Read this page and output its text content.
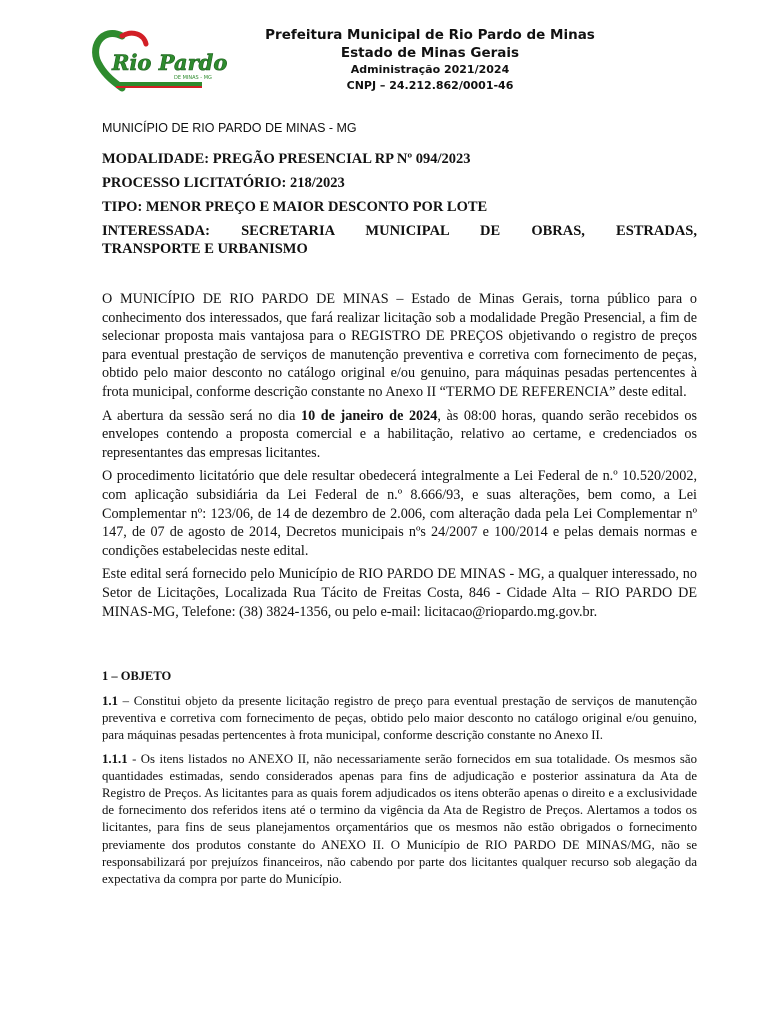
Rio Pardo
DE MINAS - MG
Prefeitura Municipal de Rio Pardo de Minas
Estado de Minas Gerais
Administração 2021/2024
CNPJ – 24.212.862/0001-46
MUNICÍPIO DE RIO PARDO DE MINAS - MG
MODALIDADE: PREGÃO PRESENCIAL RP Nº 094/2023
PROCESSO LICITATÓRIO: 218/2023
TIPO: MENOR PREÇO E MAIOR DESCONTO POR LOTE
INTERESSADA: SECRETARIA MUNICIPAL DE OBRAS, ESTRADAS,
TRANSPORTE E URBANISMO

O MUNICÍPIO DE RIO PARDO DE MINAS – Estado de Minas Gerais, torna público para o conhecimento dos interessados, que fará realizar licitação sob a modalidade Pregão Presencial, a fim de selecionar proposta mais vantajosa para o REGISTRO DE PREÇOS objetivando o registro de preços para eventual prestação de serviços de manutenção preventiva e corretiva com fornecimento de peças, obtido pelo maior desconto no catálogo original e/ou genuino, para máquinas pesadas pertencentes à frota municipal, conforme descrição constante no Anexo II “TERMO DE REFERENCIA” deste edital.

A abertura da sessão será no dia 10 de janeiro de 2024, às 08:00 horas, quando serão recebidos os envelopes contendo a proposta comercial e a habilitação, relativo ao certame, e credenciados os representantes das empresas licitantes.

O procedimento licitatório que dele resultar obedecerá integralmente a Lei Federal de n.º 10.520/2002, com aplicação subsidiária da Lei Federal de n.º 8.666/93, e suas alterações, bem como, a Lei Complementar nº: 123/06, de 14 de dezembro de 2.006, com alteração dada pela Lei Complementar nº 147, de 07 de agosto de 2014, Decretos municipais nºs 24/2007 e 100/2014 e pelas demais normas e condições estabelecidas neste edital.

Este edital será fornecido pelo Município de RIO PARDO DE MINAS - MG, a qualquer interessado, no Setor de Licitações, Localizada Rua Tácito de Freitas Costa, 846 - Cidade Alta – RIO PARDO DE MINAS-MG, Telefone: (38) 3824-1356, ou pelo e-mail: licitacao@riopardo.mg.gov.br.

1 – OBJETO

1.1 – Constitui objeto da presente licitação registro de preço para eventual prestação de serviços de manutenção preventiva e corretiva com fornecimento de peças, obtido pelo maior desconto no catálogo original e/ou genuino, para máquinas pesadas pertencentes à frota municipal, conforme descrição constante no Anexo II.

1.1.1 - Os itens listados no ANEXO II, não necessariamente serão fornecidos em sua totalidade. Os mesmos são quantidades estimadas, sendo considerados apenas para fins de adjudicação e posterior assinatura da Ata de Registro de Preços. As licitantes para as quais forem adjudicados os itens obterão apenas o direito e a exclusividade de fornecimento dos referidos itens até o termino da vigência da Ata de Registro de Preços. Alertamos a todos os licitantes, para fins de seus planejamentos orçamentários que os mesmos não estão obrigados o fornecimento previamente dos produtos constante do ANEXO II. O Município de RIO PARDO DE MINAS/MG, não se responsabilizará por prejuízos financeiros, não cabendo por parte dos licitantes qualquer recurso sob alegação da expectativa da compra por parte do Município.
